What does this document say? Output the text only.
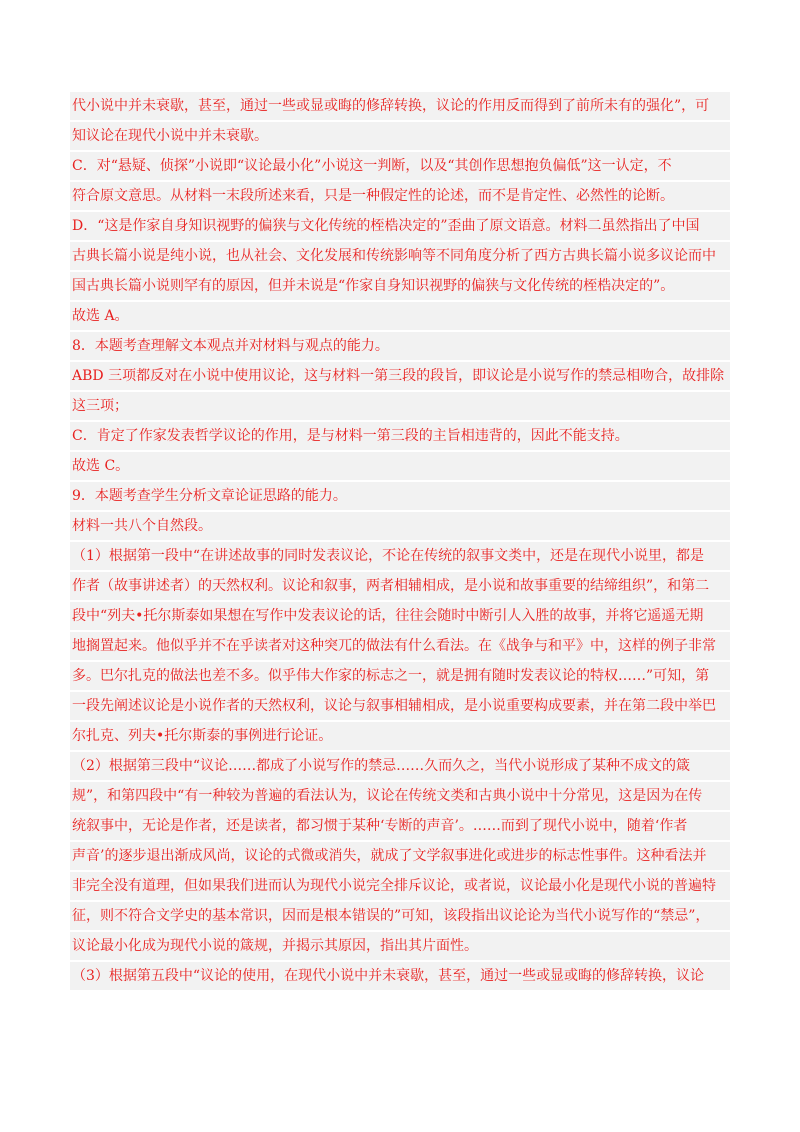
代小说中并未衰歇，甚至，通过一些或显或晦的修辞转换，议论的作用反而得到了前所未有的强化”，可
知议论在现代小说中并未衰歇。
C．对“悬疑、侦探”小说即“议论最小化”小说这一判断，以及“其创作思想抱负偏低”这一认定，不
符合原文意思。从材料一末段所述来看，只是一种假定性的论述，而不是肯定性、必然性的论断。
D．“这是作家自身知识视野的偏狭与文化传统的桎梏决定的”歪曲了原文语意。材料二虽然指出了中国
古典长篇小说是纯小说，也从社会、文化发展和传统影响等不同角度分析了西方古典长篇小说多议论而中
国古典长篇小说则罕有的原因，但并未说是“作家自身知识视野的偏狭与文化传统的桎梏决定的”。
故选 A。
8．本题考查理解文本观点并对材料与观点的能力。
ABD 三项都反对在小说中使用议论，这与材料一第三段的段旨，即议论是小说写作的禁忌相吻合，故排除
这三项；
C．肯定了作家发表哲学议论的作用，是与材料一第三段的主旨相违背的，因此不能支持。
故选 C。
9．本题考查学生分析文章论证思路的能力。
材料一共八个自然段。
（1）根据第一段中“在讲述故事的同时发表议论，不论在传统的叙事文类中，还是在现代小说里，都是
作者（故事讲述者）的天然权利。议论和叙事，两者相辅相成，是小说和故事重要的结缔组织”，和第二
段中“列夫•托尔斯泰如果想在写作中发表议论的话，往往会随时中断引人入胜的故事，并将它遥遥无期
地搁置起来。他似乎并不在乎读者对这种突兀的做法有什么看法。在《战争与和平》中，这样的例子非常
多。巴尔扎克的做法也差不多。似乎伟大作家的标志之一，就是拥有随时发表议论的特权……”可知，第
一段先阐述议论是小说作者的天然权利，议论与叙事相辅相成，是小说重要构成要素，并在第二段中举巴
尔扎克、列夫•托尔斯泰的事例进行论证。
（2）根据第三段中“议论……都成了小说写作的禁忌……久而久之，当代小说形成了某种不成文的箴
规”，和第四段中“有一种较为普遍的看法认为，议论在传统文类和古典小说中十分常见，这是因为在传
统叙事中，无论是作者，还是读者，都习惯于某种‘专断的声音’。……而到了现代小说中，随着‘作者
声音’的逐步退出渐成风尚，议论的式微或消失，就成了文学叙事进化或进步的标志性事件。这种看法并
非完全没有道理，但如果我们进而认为现代小说完全排斥议论，或者说，议论最小化是现代小说的普遍特
征，则不符合文学史的基本常识，因而是根本错误的”可知，该段指出议论论为当代小说写作的“禁忌”，
议论最小化成为现代小说的箴规，并揭示其原因，指出其片面性。
（3）根据第五段中“议论的使用，在现代小说中并未衰歇，甚至，通过一些或显或晦的修辞转换，议论
